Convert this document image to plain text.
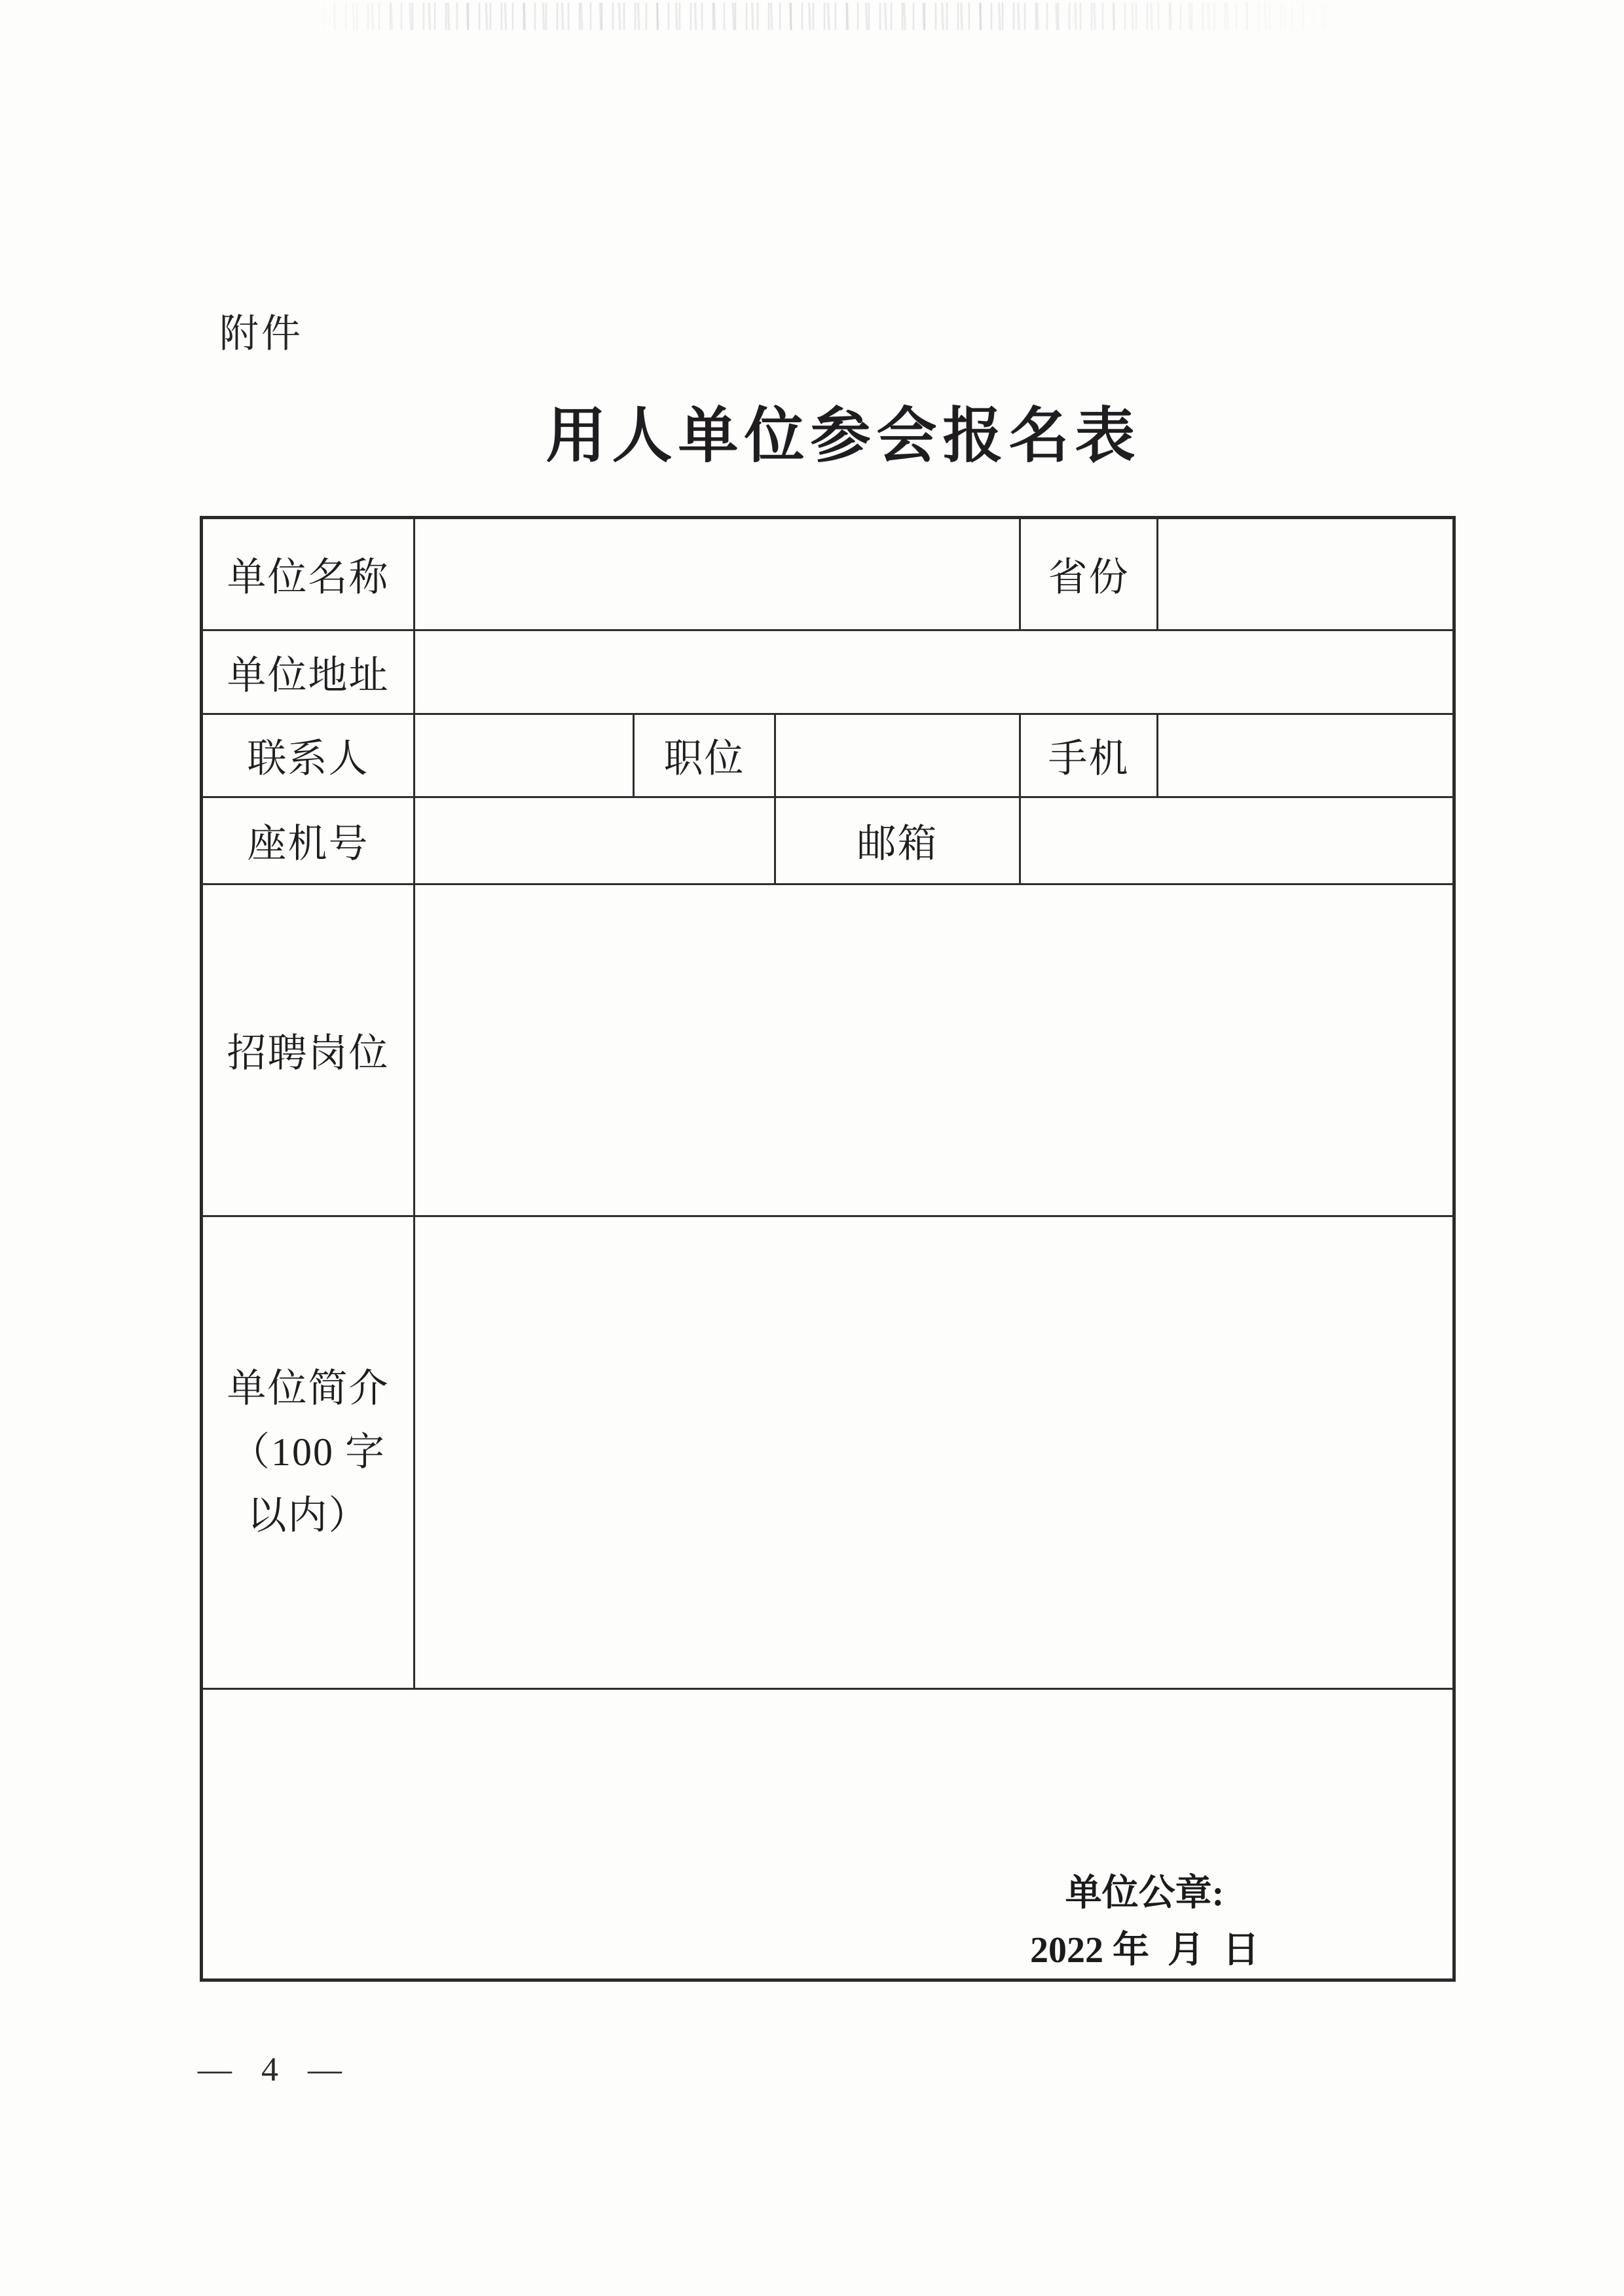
附件
用人单位参会报名表
单位名称				省份	
单位地址					
联系人		职位		手机	
座机号			邮箱		
招聘岗位					

单位简介
（100 字
以内）					

单位公章:
2022 年  月  日					
— 4 —
